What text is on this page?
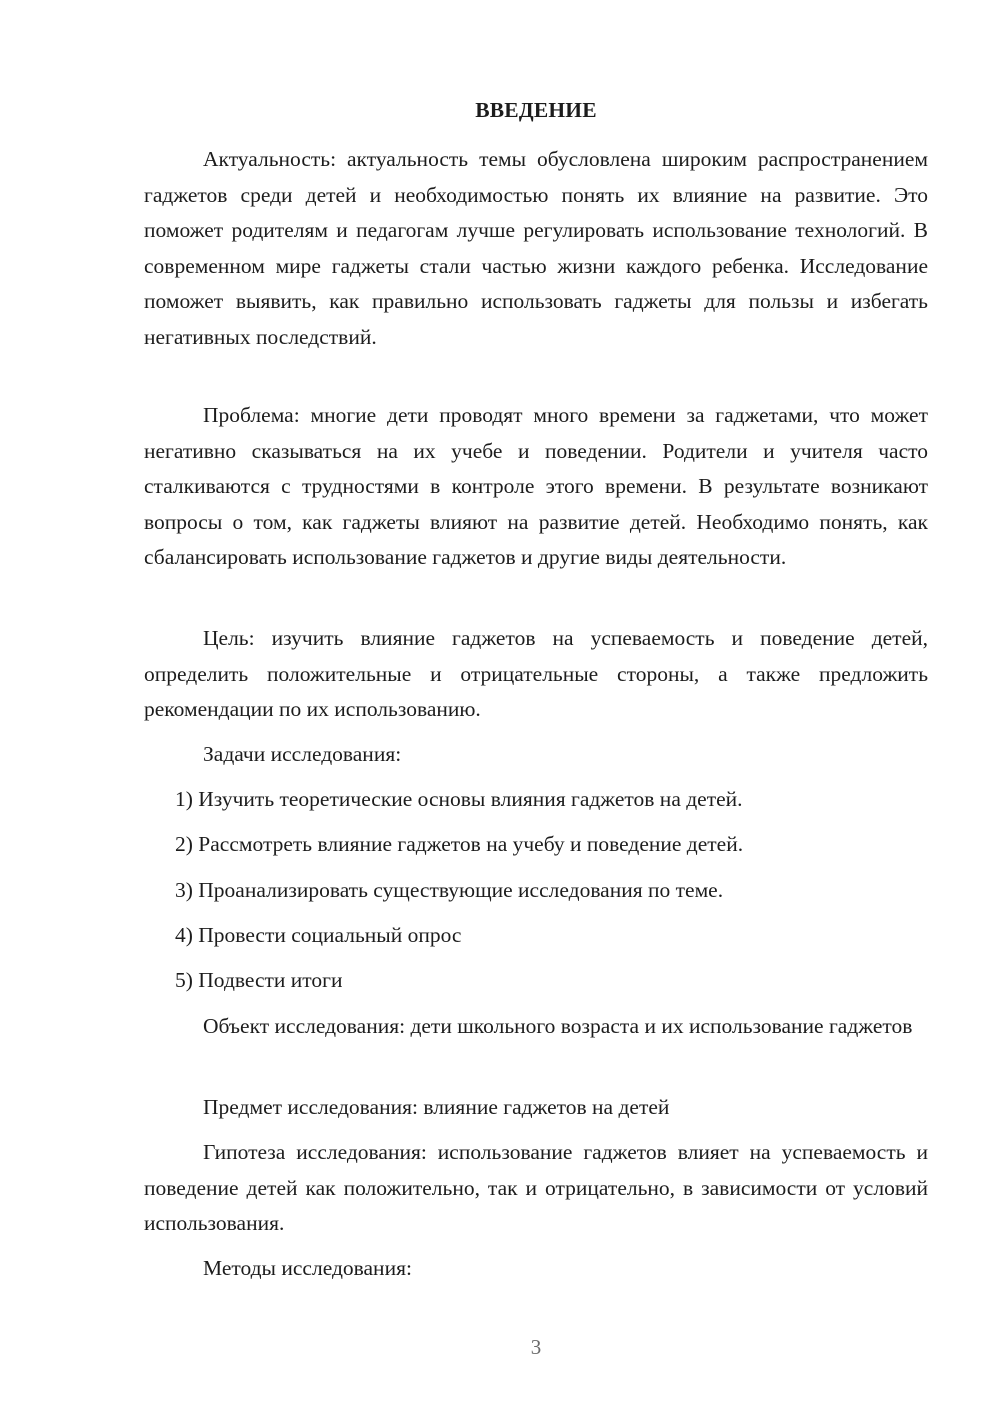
ВВЕДЕНИЕ

Актуальность: актуальность темы обусловлена широким распространением гаджетов среди детей и необходимостью понять их влияние на развитие. Это поможет родителям и педагогам лучше регулировать использование технологий. В современном мире гаджеты стали частью жизни каждого ребенка. Исследование поможет выявить, как правильно использовать гаджеты для пользы и избегать негативных последствий.

Проблема: многие дети проводят много времени за гаджетами, что может негативно сказываться на их учебе и поведении. Родители и учителя часто сталкиваются с трудностями в контроле этого времени. В результате возникают вопросы о том, как гаджеты влияют на развитие детей. Необходимо понять, как сбалансировать использование гаджетов и другие виды деятельности.

Цель: изучить влияние гаджетов на успеваемость и поведение детей, определить положительные и отрицательные стороны, а также предложить рекомендации по их использованию.

Задачи исследования:

1) Изучить теоретические основы влияния гаджетов на детей.

2) Рассмотреть влияние гаджетов на учебу и поведение детей.

3) Проанализировать существующие исследования по теме.

4) Провести социальный опрос

5) Подвести итоги

Объект исследования: дети школьного возраста и их использование гаджетов

Предмет исследования: влияние гаджетов на детей

Гипотеза исследования: использование гаджетов влияет на успеваемость и поведение детей как положительно, так и отрицательно, в зависимости от условий использования.

Методы исследования:

3
